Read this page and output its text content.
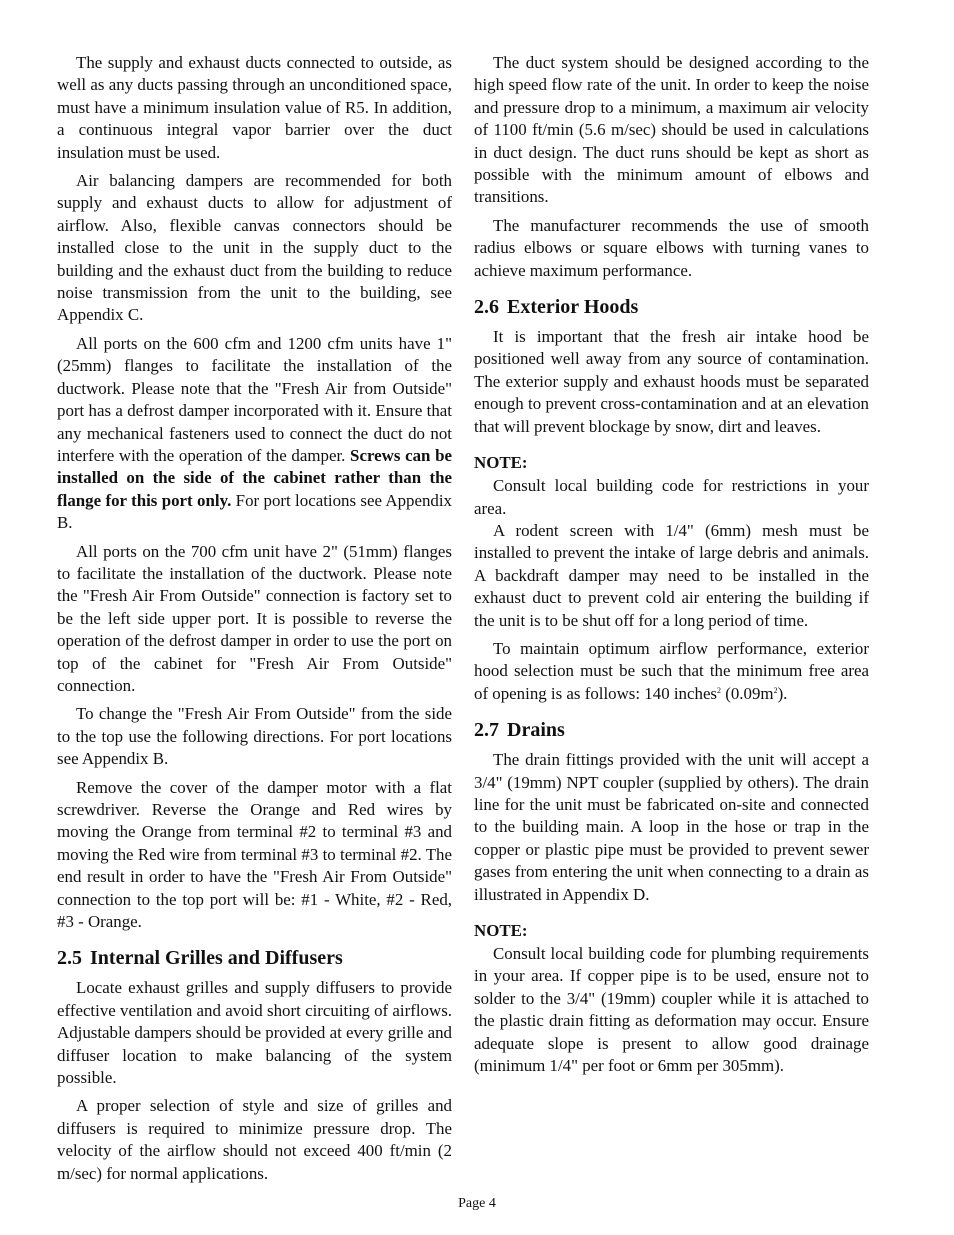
The supply and exhaust ducts connected to outside, as well as any ducts passing through an unconditioned space, must have a minimum insulation value of R5. In addition, a continuous integral vapor barrier over the duct insulation must be used.

Air balancing dampers are recommended for both supply and exhaust ducts to allow for adjustment of airflow. Also, flexible canvas connectors should be installed close to the unit in the supply duct to the building and the exhaust duct from the building to reduce noise transmission from the unit to the building, see Appendix C.

All ports on the 600 cfm and 1200 cfm units have 1" (25mm) flanges to facilitate the installation of the ductwork. Please note that the "Fresh Air from Outside" port has a defrost damper incorporated with it. Ensure that any mechanical fasteners used to connect the duct do not interfere with the operation of the damper. Screws can be installed on the side of the cabinet rather than the flange for this port only. For port locations see Appendix B.

All ports on the 700 cfm unit have 2" (51mm) flanges to facilitate the installation of the ductwork. Please note the "Fresh Air From Outside" connection is factory set to be the left side upper port. It is possible to reverse the operation of the defrost damper in order to use the port on top of the cabinet for "Fresh Air From Outside" connection.

To change the "Fresh Air From Outside" from the side to the top use the following directions. For port locations see Appendix B.

Remove the cover of the damper motor with a flat screwdriver. Reverse the Orange and Red wires by moving the Orange from terminal #2 to terminal #3 and moving the Red wire from terminal #3 to terminal #2. The end result in order to have the "Fresh Air From Outside" connection to the top port will be: #1 - White, #2 - Red, #3 - Orange.

2.5 Internal Grilles and Diffusers

Locate exhaust grilles and supply diffusers to provide effective ventilation and avoid short circuiting of airflows. Adjustable dampers should be provided at every grille and diffuser location to make balancing of the system possible.

A proper selection of style and size of grilles and diffusers is required to minimize pressure drop. The velocity of the airflow should not exceed 400 ft/min (2 m/sec) for normal applications.

The duct system should be designed according to the high speed flow rate of the unit. In order to keep the noise and pressure drop to a minimum, a maximum air velocity of 1100 ft/min (5.6 m/sec) should be used in calculations in duct design. The duct runs should be kept as short as possible with the minimum amount of elbows and transitions.

The manufacturer recommends the use of smooth radius elbows or square elbows with turning vanes to achieve maximum performance.

2.6 Exterior Hoods

It is important that the fresh air intake hood be positioned well away from any source of contamination. The exterior supply and exhaust hoods must be separated enough to prevent cross-contamination and at an elevation that will prevent blockage by snow, dirt and leaves.

NOTE:

Consult local building code for restrictions in your area.

A rodent screen with 1/4" (6mm) mesh must be installed to prevent the intake of large debris and animals. A backdraft damper may need to be installed in the exhaust duct to prevent cold air entering the building if the unit is to be shut off for a long period of time.

To maintain optimum airflow performance, exterior hood selection must be such that the minimum free area of opening is as follows: 140 inches$^2$ $(0.09m^2)$.

2.7 Drains

The drain fittings provided with the unit will accept a 3/4" (19mm) NPT coupler (supplied by others). The drain line for the unit must be fabricated on-site and connected to the building main. A loop in the hose or trap in the copper or plastic pipe must be provided to prevent sewer gases from entering the unit when connecting to a drain as illustrated in Appendix D.

NOTE:

Consult local building code for plumbing requirements in your area. If copper pipe is to be used, ensure not to solder to the 3/4" (19mm) coupler while it is attached to the plastic drain fitting as deformation may occur. Ensure adequate slope is present to allow good drainage (minimum 1/4" per foot or 6mm per 305mm).

Page 4
